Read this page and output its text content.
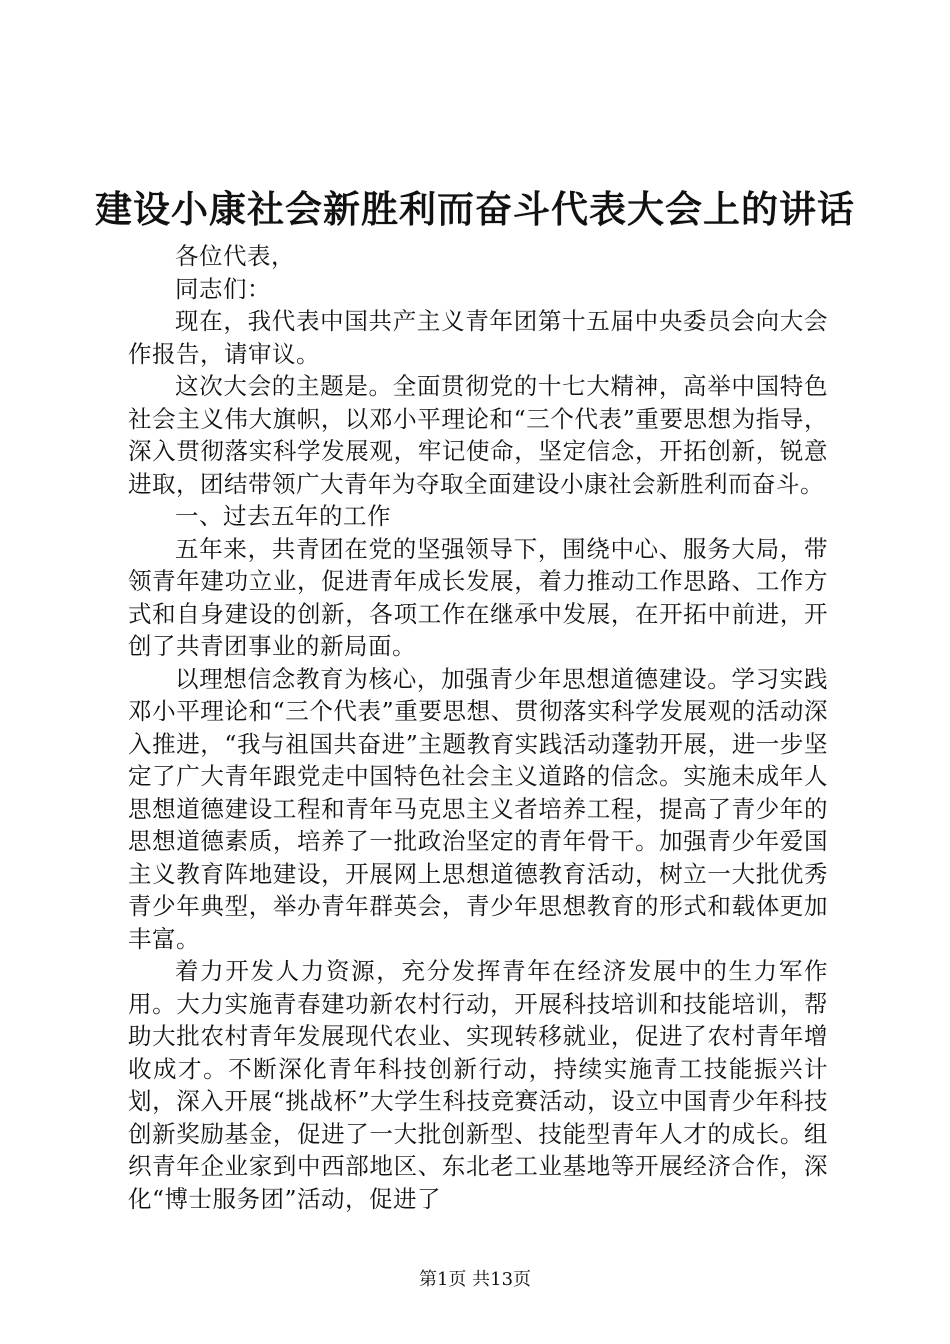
建设小康社会新胜利而奋斗代表大会上的讲话

各位代表，

同志们：

现在，我代表中国共产主义青年团第十五届中央委员会向大会作报告，请审议。

这次大会的主题是。全面贯彻党的十七大精神，高举中国特色社会主义伟大旗帜，以邓小平理论和“三个代表”重要思想为指导，深入贯彻落实科学发展观，牢记使命，坚定信念，开拓创新，锐意进取，团结带领广大青年为夺取全面建设小康社会新胜利而奋斗。

一、过去五年的工作

五年来，共青团在党的坚强领导下，围绕中心、服务大局，带领青年建功立业，促进青年成长发展，着力推动工作思路、工作方式和自身建设的创新，各项工作在继承中发展，在开拓中前进，开创了共青团事业的新局面。

以理想信念教育为核心，加强青少年思想道德建设。学习实践邓小平理论和“三个代表”重要思想、贯彻落实科学发展观的活动深入推进，“我与祖国共奋进”主题教育实践活动蓬勃开展，进一步坚定了广大青年跟党走中国特色社会主义道路的信念。实施未成年人思想道德建设工程和青年马克思主义者培养工程，提高了青少年的思想道德素质，培养了一批政治坚定的青年骨干。加强青少年爱国主义教育阵地建设，开展网上思想道德教育活动，树立一大批优秀青少年典型，举办青年群英会，青少年思想教育的形式和载体更加丰富。

着力开发人力资源，充分发挥青年在经济发展中的生力军作用。大力实施青春建功新农村行动，开展科技培训和技能培训，帮助大批农村青年发展现代农业、实现转移就业，促进了农村青年增收成才。不断深化青年科技创新行动，持续实施青工技能振兴计划，深入开展“挑战杯”大学生科技竞赛活动，设立中国青少年科技创新奖励基金，促进了一大批创新型、技能型青年人才的成长。组织青年企业家到中西部地区、东北老工业基地等开展经济合作，深化“博士服务团”活动，促进了

第1页 共13页
